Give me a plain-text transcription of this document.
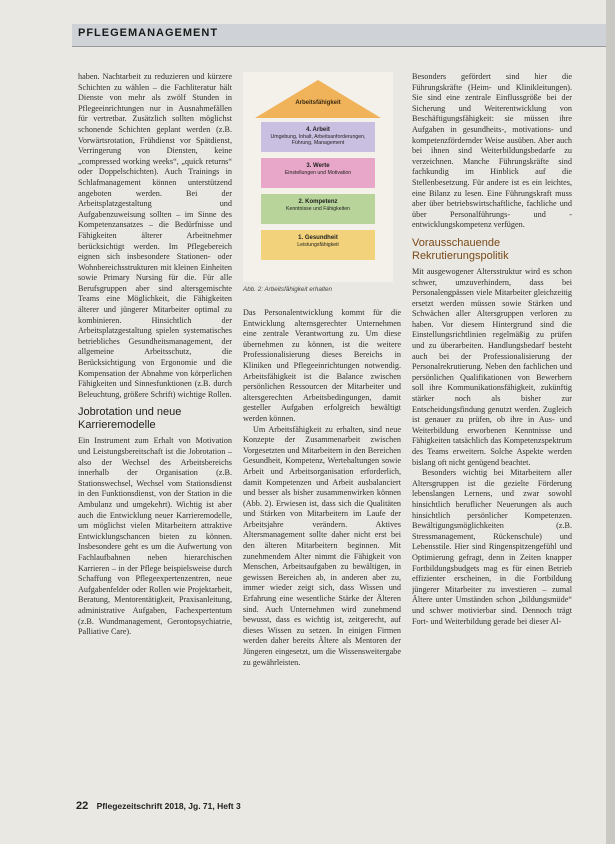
PFLEGEMANAGEMENT

haben. Nachtarbeit zu reduzieren und kürzere Schichten zu wählen – die Fachliteratur hält Dienste von mehr als zwölf Stunden in Pflegeeinrichtungen nur in Ausnahmefällen für vertretbar. Zusätzlich sollten möglichst schonende Schichten geplant werden (z.B. Vorwärtsrotation, Frühdienst vor Spätdienst, Verringerung von Diensten, keine „compressed working weeks“, „quick returns“ oder Doppelschichten). Auch Trainings in Schlafmanagement können unterstützend angeboten werden. Bei der Arbeitsplatzgestaltung und Aufgabenzuweisung sollten – im Sinne des Kompetenzansatzes – die Bedürfnisse und Fähigkeiten älterer Arbeitnehmer berücksichtigt werden. Im Pflegebereich eignen sich insbesondere Stationen- oder Wohnbereichsstrukturen mit kleinen Einheiten sowie Primary Nursing für die. Für alle Berufsgruppen aber sind altersgemischte Teams eine Möglichkeit, die Fähigkeiten älterer und jüngerer Mitarbeiter optimal zu kombinieren. Hinsichtlich der Arbeitsplatzgestaltung spielen systematisches betriebliches Gesundheitsmanagement, der allgemeine Arbeitsschutz, die Berücksichtigung von Ergonomie und die Kompensation der Abnahme von körperlichen Fähigkeiten und Sinnesfunktionen (z.B. durch Beleuchtung, größere Schrift) wichtige Rollen.

Jobrotation und neue
Karrieremodelle

Ein Instrument zum Erhalt von Motivation und Leistungsbereitschaft ist die Jobrotation – also der Wechsel des Arbeitsbereichs innerhalb der Organisation (z.B. Stationswechsel, Wechsel vom Stationsdienst in den Funktionsdienst, von der Station in die Ambulanz und umgekehrt). Wichtig ist aber auch die Entwicklung neuer Karrieremodelle, um möglichst vielen Mitarbeitern attraktive Entwicklungschancen bieten zu können. Insbesondere geht es um die Aufwertung von Fachlaufbahnen neben hierarchischen Karrieren – in der Pflege beispielsweise durch Schaffung von Pflegeexpertenzentren, neue Aufgabenfelder oder Rollen wie Projektarbeit, Beratung, Mentorentätigkeit, Praxisanleitung, administrative Aufgaben, Fachexpertentum (z.B. Wundmanagement, Gerontopsychiatrie, Palliative Care).

Arbeitsfähigkeit
4. Arbeit
Umgebung, Inhalt, Arbeitsanforderungen, Führung, Management
3. Werte
Einstellungen und Motivation
2. Kompetenz
Kenntnisse und Fähigkeiten
1. Gesundheit
Leistungsfähigkeit
Abb. 2: Arbeitsfähigkeit erhalten

Das Personalentwicklung kommt für die Entwicklung alternsgerechter Unternehmen eine zentrale Verantwortung zu. Um diese übernehmen zu können, ist die weitere Professionalisierung dieses Bereichs in Kliniken und Pflegeeinrichtungen notwendig. Arbeitsfähigkeit ist die Balance zwischen persönlichen Ressourcen der Mitarbeiter und altersgerechten Arbeitsbedingungen, damit gesteller Aufgaben erfolgreich bewältigt werden können.

Um Arbeitsfähigkeit zu erhalten, sind neue Konzepte der Zusammenarbeit zwischen Vorgesetzten und Mitarbeitern in den Bereichen Gesundheit, Kompetenz, Wertehaltungen sowie Arbeit und Arbeitsorganisation erforderlich, damit Kompetenzen und Arbeit ausbalanciert und besser als bisher zusammenwirken können (Abb. 2). Erwiesen ist, dass sich die Qualitäten und Stärken von Mitarbeitern im Laufe der Arbeitsjahre verändern. Aktives Altersmanagement sollte daher nicht erst bei den älteren Mitarbeitern beginnen. Mit zunehmendem Alter nimmt die Fähigkeit von Menschen, Arbeitsaufgaben zu bewältigen, in gewissen Bereichen ab, in anderen aber zu, immer wieder zeigt sich, dass Wissen und Erfahrung eine wesentliche Stärke der Älteren sind. Auch Unternehmen wird zunehmend bewusst, dass es wichtig ist, zeitgerecht, auf dieses Wissen zu setzen. In einigen Firmen werden daher bereits Ältere als Mentoren der Jüngeren eingesetzt, um die Wissensweitergabe zu gewährleisten.

Besonders gefördert sind hier die Führungskräfte (Heim- und Klinikleitungen). Sie sind eine zentrale Einflussgröße bei der Sicherung und Weiterentwicklung von Beschäftigungsfähigkeit: sie müssen ihre Aufgaben in gesundheits-, motivations- und kompetenzfördernder Weise ausüben. Aber auch bei ihnen sind Weiterbildungsbedarfe zu verzeichnen. Manche Führungskräfte sind fachkundig im Hinblick auf die Stellenbesetzung. Für andere ist es ein leichtes, eine Bilanz zu lesen. Eine Führungskraft muss aber über betriebswirtschaftliche, fachliche und über Personalführungs- und -entwicklungskompetenz verfügen.

Vorausschauende
Rekrutierungspolitik

Mit ausgewogener Altersstruktur wird es schon schwer, umzuverhindern, dass bei Personalengpässen viele Mitarbeiter gleichzeitig ersetzt werden müssen sowie Stärken und Schwächen aller Altersgruppen verloren zu haben. Vor diesem Hintergrund sind die Einstellungsrichtlinien regelmäßig zu prüfen und zu überarbeiten. Handlungsbedarf besteht auch bei der Professionalisierung der Personalrekrutierung. Neben den fachlichen und persönlichen Qualifikationen von Bewerbern soll ihre Kommunikationsfähigkeit, zukünftig stärker noch als bisher zur Entscheidungsfindung genutzt werden. Zugleich ist genauer zu prüfen, ob ihre in Aus- und Weiterbildung erworbenen Kenntnisse und Fähigkeiten tatsächlich das Kompetenzspektrum des Teams erweitern. Solche Aspekte werden bislang oft nicht genügend beachtet.

Besonders wichtig bei Mitarbeitern aller Altersgruppen ist die gezielte Förderung lebenslangen Lernens, und zwar sowohl hinsichtlich beruflicher Neuerungen als auch hinsichtlich persönlicher Kompetenzen. Bewältigungsmöglichkeiten (z.B. Stressmanagement, Rückenschule) und Lebensstile. Hier sind Ringenspitzengefühl und Optimierung gefragt, denn in Zeiten knapper Fortbildungsbudgets mag es für einen Betrieb effizienter erscheinen, in die Fortbildung jüngerer Mitarbeiter zu investieren – zumal Ältere unter Umständen schon „bildungsmüde“ und schwer motivierbar sind. Dennoch trägt Fort- und Weiterbildung gerade bei dieser Al-

22 Pflegezeitschrift 2018, Jg. 71, Heft 3
